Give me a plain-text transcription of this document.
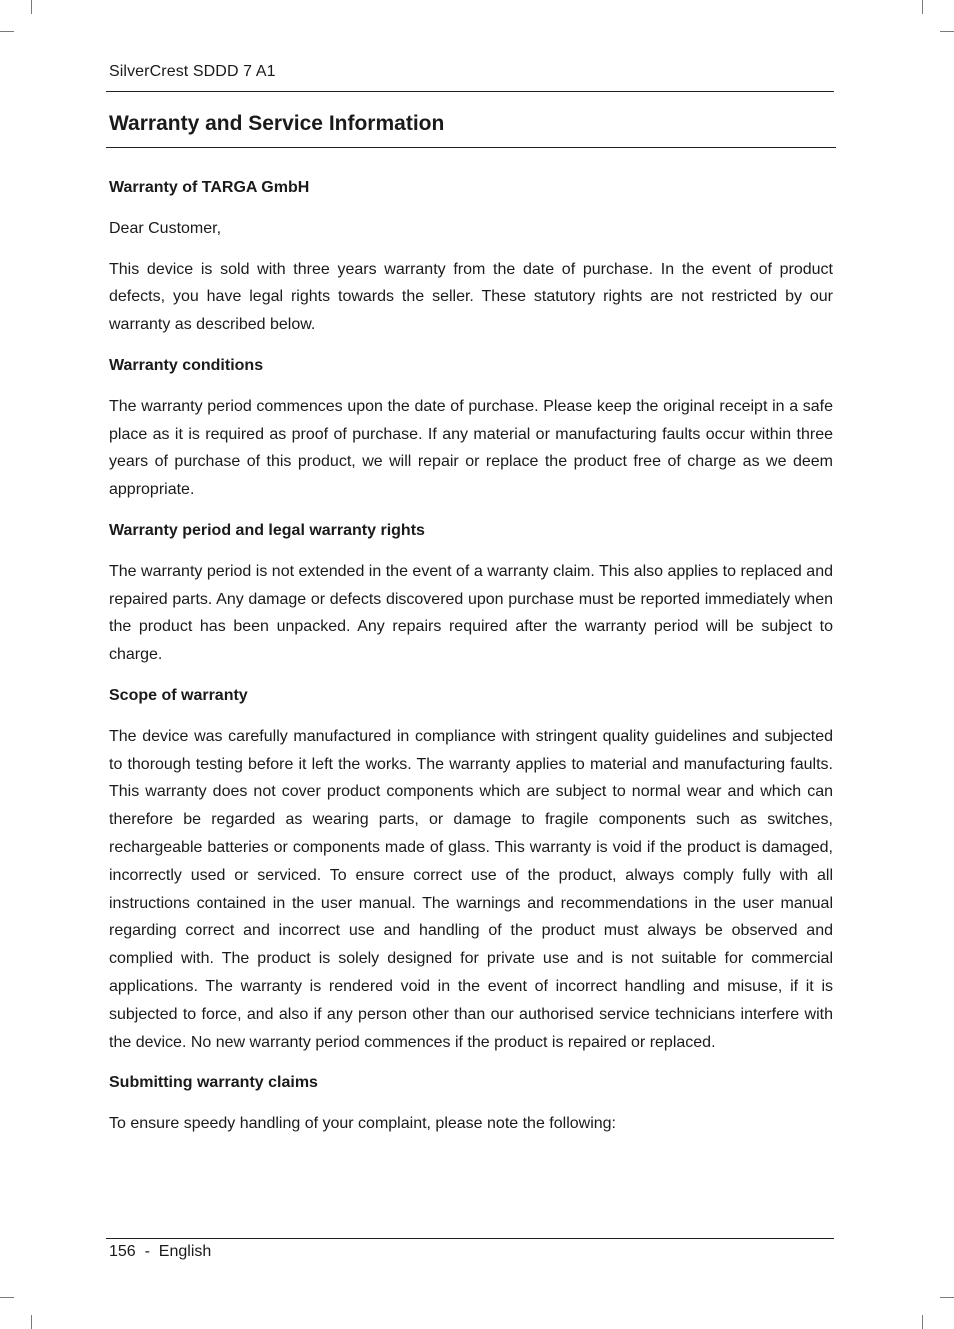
SilverCrest SDDD 7 A1
Warranty and Service Information
Warranty of TARGA GmbH

Dear Customer,

This device is sold with three years warranty from the date of purchase. In the event of product defects, you have legal rights towards the seller. These statutory rights are not restricted by our warranty as described below.

Warranty conditions

The warranty period commences upon the date of purchase. Please keep the original receipt in a safe place as it is required as proof of purchase. If any material or manufacturing faults occur within three years of purchase of this product, we will repair or replace the product free of charge as we deem appropriate.

Warranty period and legal warranty rights

The warranty period is not extended in the event of a warranty claim. This also applies to replaced and repaired parts. Any damage or defects discovered upon purchase must be reported immediately when the product has been unpacked. Any repairs required after the warranty period will be subject to charge.

Scope of warranty

The device was carefully manufactured in compliance with stringent quality guidelines and subjected to thorough testing before it left the works. The warranty applies to material and manufacturing faults. This warranty does not cover product components which are subject to normal wear and which can therefore be regarded as wearing parts, or damage to fragile components such as switches, rechargeable batteries or components made of glass. This warranty is void if the product is damaged, incorrectly used or serviced. To ensure correct use of the product, always comply fully with all instructions contained in the user manual. The warnings and recommendations in the user manual regarding correct and incorrect use and handling of the product must always be observed and complied with. The product is solely designed for private use and is not suitable for commercial applications. The warranty is rendered void in the event of incorrect handling and misuse, if it is subjected to force, and also if any person other than our authorised service technicians interfere with the device. No new warranty period commences if the product is repaired or replaced.

Submitting warranty claims

To ensure speedy handling of your complaint, please note the following:

156  -  English
